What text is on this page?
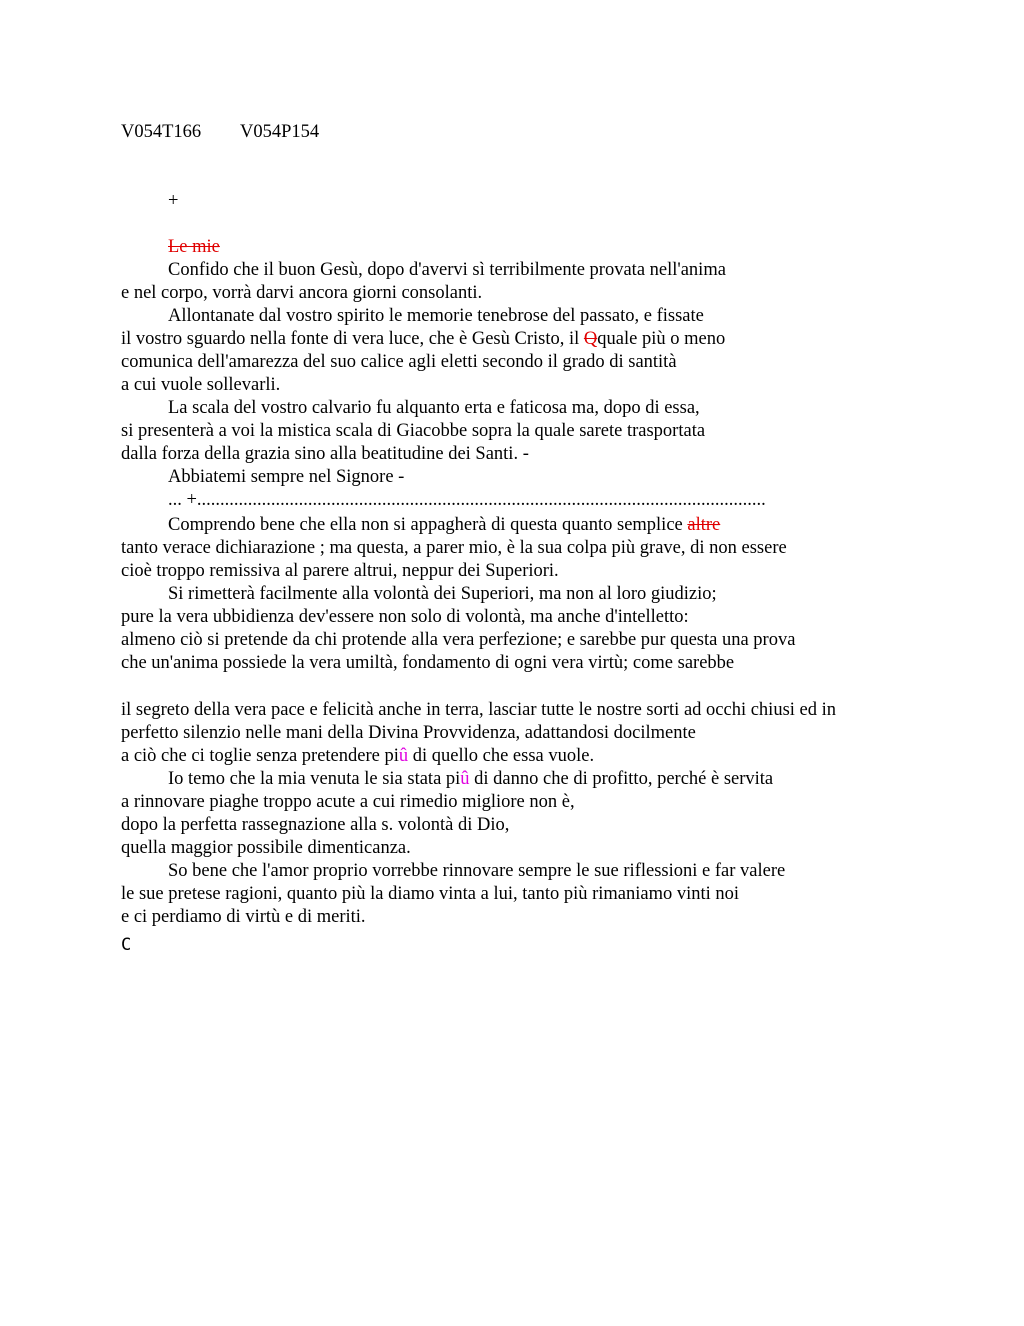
V054T166 V054P154
+
Le mie
Confido che il buon Gesù, dopo d'avervi sì terribilmente provata nell'anima
e nel corpo, vorrà darvi ancora giorni consolanti.
Allontanate dal vostro spirito le memorie tenebrose del passato, e fissate
il vostro sguardo nella fonte di vera luce, che è Gesù Cristo, il Qquale più o meno
comunica dell'amarezza del suo calice agli eletti secondo il grado di santità
a cui vuole sollevarli.
La scala del vostro calvario fu alquanto erta e faticosa ma, dopo di essa,
si presenterà a voi la mistica scala di Giacobbe sopra la quale sarete trasportata
dalla forza della grazia sino alla beatitudine dei Santi. -
Abbiatemi sempre nel Signore -
... +...........................................................................................................................
Comprendo bene che ella non si appagherà di questa quanto semplice altre
tanto verace dichiarazione ; ma questa, a parer mio, è la sua colpa più grave, di non essere
cioè troppo remissiva al parere altrui, neppur dei Superiori.
Si rimetterà facilmente alla volontà dei Superiori, ma non al loro giudizio;
pure la vera ubbidienza dev'essere non solo di volontà, ma anche d'intelletto:
almeno ciò si pretende da chi protende alla vera perfezione; e sarebbe pur questa una prova
che un'anima possiede la vera umiltà, fondamento di ogni vera virtù; come sarebbe
il segreto della vera pace e felicità anche in terra, lasciar tutte le nostre sorti ad occhi chiusi ed in
perfetto silenzio nelle mani della Divina Provvidenza, adattandosi docilmente
a ciò che ci toglie senza pretendere piû di quello che essa vuole.
Io temo che la mia venuta le sia stata piû di danno che di profitto, perché è servita
a rinnovare piaghe troppo acute a cui rimedio migliore non è,
dopo la perfetta rassegnazione alla s. volontà di Dio,
quella maggior possibile dimenticanza.
So bene che l'amor proprio vorrebbe rinnovare sempre le sue riflessioni e far valere
le sue pretese ragioni, quanto più la diamo vinta a lui, tanto più rimaniamo vinti noi
e ci perdiamo di virtù e di meriti.
C
